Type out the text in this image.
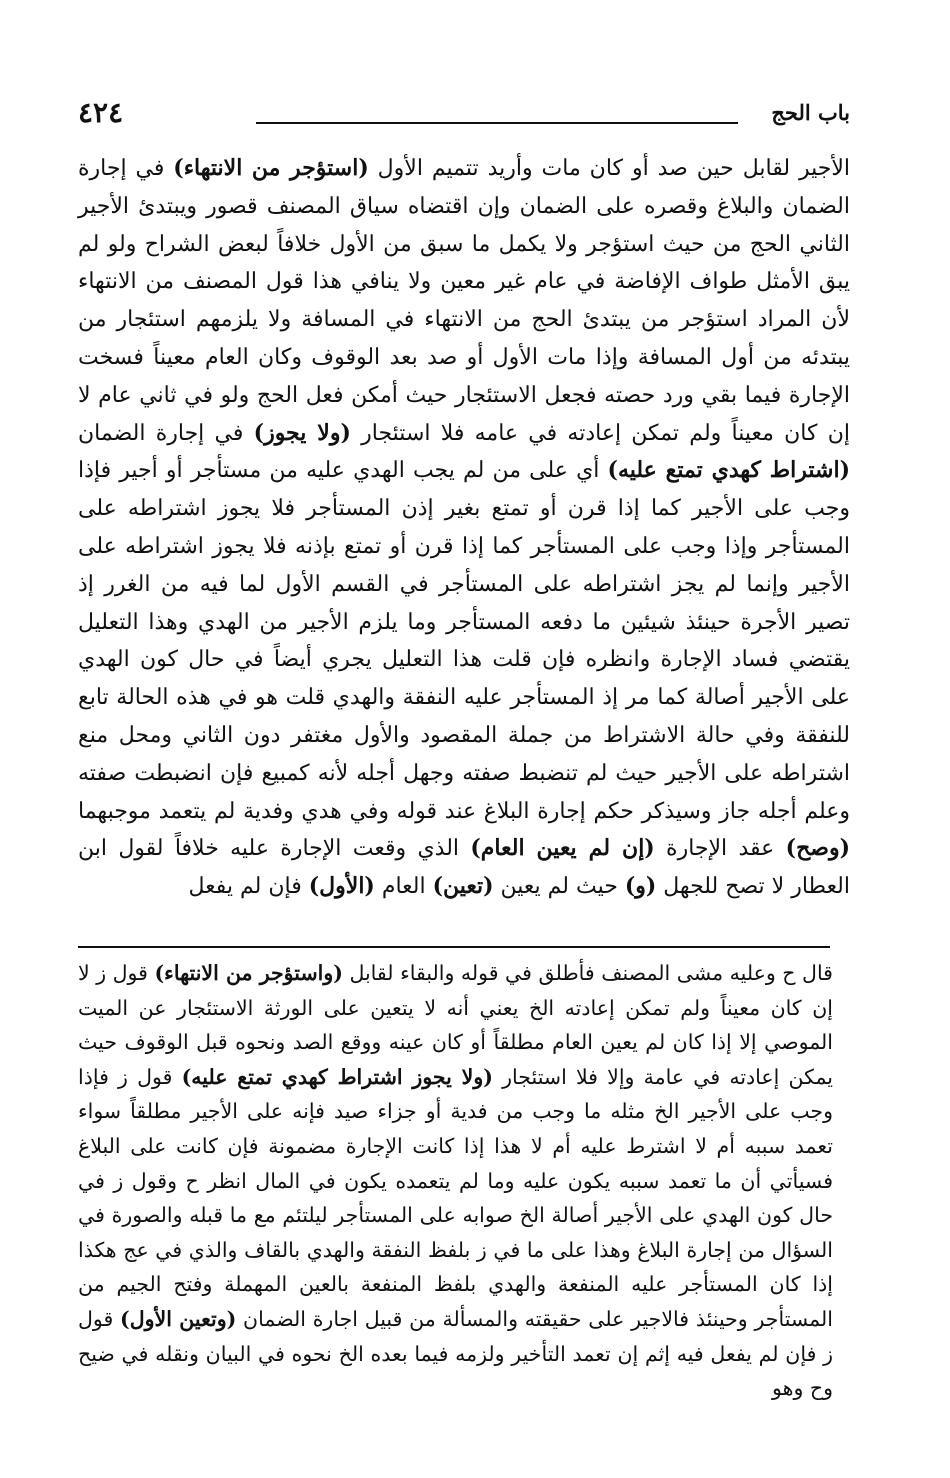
٤٢٤	باب الحج

الأجير لقابل حين صد أو كان مات وأريد تتميم الأول (استؤجر من الانتهاء) في إجارة الضمان والبلاغ وقصره على الضمان وإن اقتضاه سياق المصنف قصور ويبتدئ الأجير الثاني الحج من حيث استؤجر ولا يكمل ما سبق من الأول خلافاً لبعض الشراح ولو لم يبق الأمثل طواف الإفاضة في عام غير معين ولا ينافي هذا قول المصنف من الانتهاء لأن المراد استؤجر من يبتدئ الحج من الانتهاء في المسافة ولا يلزمهم استئجار من يبتدئه من أول المسافة وإذا مات الأول أو صد بعد الوقوف وكان العام معيناً فسخت الإجارة فيما بقي ورد حصته فجعل الاستئجار حيث أمكن فعل الحج ولو في ثاني عام لا إن كان معيناً ولم تمكن إعادته في عامه فلا استئجار (ولا يجوز) في إجارة الضمان (اشتراط كهدي تمتع عليه) أي على من لم يجب الهدي عليه من مستأجر أو أجير فإذا وجب على الأجير كما إذا قرن أو تمتع بغير إذن المستأجر فلا يجوز اشتراطه على المستأجر وإذا وجب على المستأجر كما إذا قرن أو تمتع بإذنه فلا يجوز اشتراطه على الأجير وإنما لم يجز اشتراطه على المستأجر في القسم الأول لما فيه من الغرر إذ تصير الأجرة حينئذ شيئين ما دفعه المستأجر وما يلزم الأجير من الهدي وهذا التعليل يقتضي فساد الإجارة وانظره فإن قلت هذا التعليل يجري أيضاً في حال كون الهدي على الأجير أصالة كما مر إذ المستأجر عليه النفقة والهدي قلت هو في هذه الحالة تابع للنفقة وفي حالة الاشتراط من جملة المقصود والأول مغتفر دون الثاني ومحل منع اشتراطه على الأجير حيث لم تنضبط صفته وجهل أجله لأنه كمبيع فإن انضبطت صفته وعلم أجله جاز وسيذكر حكم إجارة البلاغ عند قوله وفي هدي وفدية لم يتعمد موجبهما (وصح) عقد الإجارة (إن لم يعين العام) الذي وقعت الإجارة عليه خلافاً لقول ابن العطار لا تصح للجهل (و) حيث لم يعين (تعين) العام (الأول) فإن لم يفعل

قال ح وعليه مشى المصنف فأطلق في قوله والبقاء لقابل (واستؤجر من الانتهاء) قول ز لا إن كان معيناً ولم تمكن إعادته الخ يعني أنه لا يتعين على الورثة الاستئجار عن الميت الموصي إلا إذا كان لم يعين العام مطلقاً أو كان عينه ووقع الصد ونحوه قبل الوقوف حيث يمكن إعادته في عامة وإلا فلا استئجار (ولا يجوز اشتراط كهدي تمتع عليه) قول ز فإذا وجب على الأجير الخ مثله ما وجب من فدية أو جزاء صيد فإنه على الأجير مطلقاً سواء تعمد سببه أم لا اشترط عليه أم لا هذا إذا كانت الإجارة مضمونة فإن كانت على البلاغ فسيأتي أن ما تعمد سببه يكون عليه وما لم يتعمده يكون في المال انظر ح وقول ز في حال كون الهدي على الأجير أصالة الخ صوابه على المستأجر ليلتئم مع ما قبله والصورة في السؤال من إجارة البلاغ وهذا على ما في ز بلفظ النفقة والهدي بالقاف والذي في عج هكذا إذا كان المستأجر عليه المنفعة والهدي بلفظ المنفعة بالعين المهملة وفتح الجيم من المستأجر وحينئذ فالاجير على حقيقته والمسألة من قبيل اجارة الضمان (وتعين الأول) قول ز فإن لم يفعل فيه إثم إن تعمد التأخير ولزمه فيما بعده الخ نحوه في البيان ونقله في ضيح وح وهو
